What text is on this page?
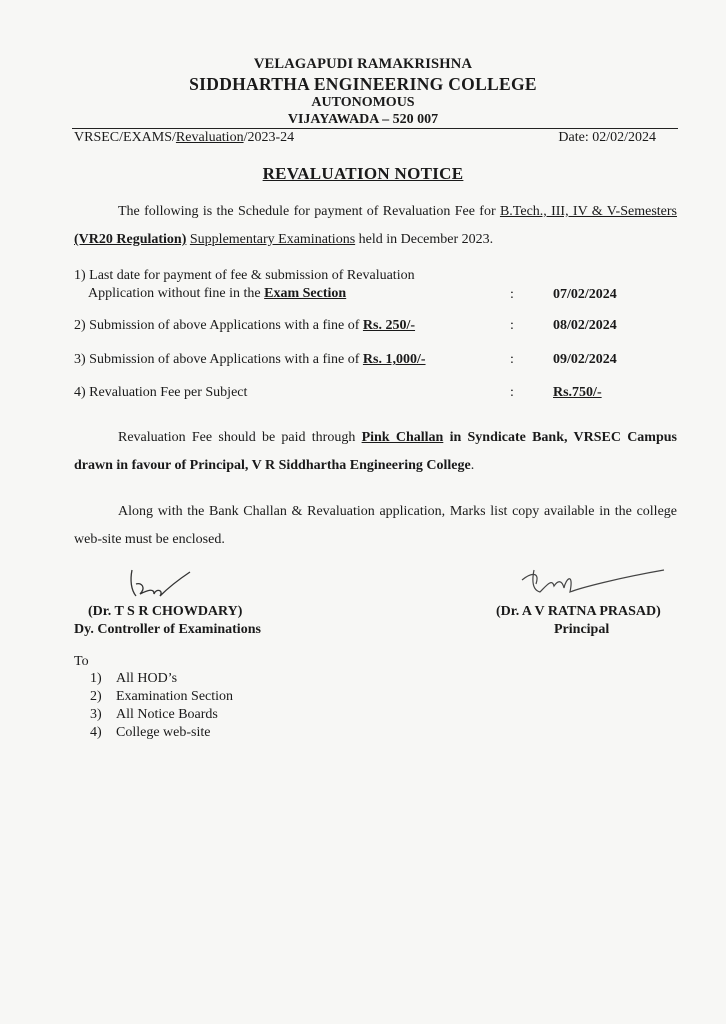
VELAGAPUDI RAMAKRISHNA
SIDDHARTHA ENGINEERING COLLEGE
AUTONOMOUS
VIJAYAWADA – 520 007
VRSEC/EXAMS/Revaluation/2023-24	Date: 02/02/2024
REVALUATION NOTICE
The following is the Schedule for payment of Revaluation Fee for B.Tech., III, IV & V-Semesters (VR20 Regulation) Supplementary Examinations held in December 2023.
1) Last date for payment of fee & submission of Revaluation
Application without fine in the Exam Section	:	07/02/2024
2) Submission of above Applications with a fine of Rs. 250/-	:	08/02/2024
3) Submission of above Applications with a fine of Rs. 1,000/-	:	09/02/2024
4) Revaluation Fee per Subject	:	Rs.750/-
Revaluation Fee should be paid through Pink Challan in Syndicate Bank, VRSEC Campus drawn in favour of Principal, V R Siddhartha Engineering College.
Along with the Bank Challan & Revaluation application, Marks list copy available in the college web-site must be enclosed.
(Dr. T S R CHOWDARY)
Dy. Controller of Examinations
(Dr. A V RATNA PRASAD)
Principal
To
1) All HOD’s
2) Examination Section
3) All Notice Boards
4) College web-site
